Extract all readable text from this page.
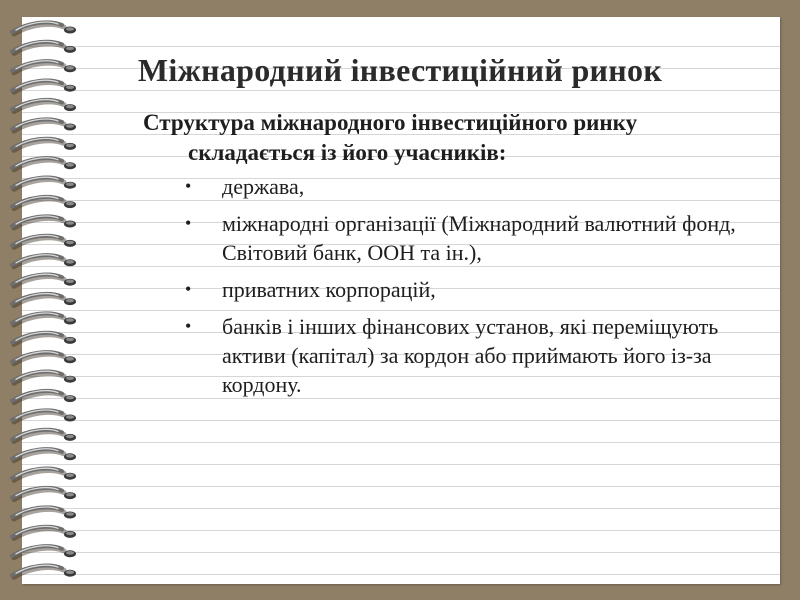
Міжнародний інвестиційний ринок

Структура міжнародного інвестиційного ринку
складається із його учасників:

• держава,
• міжнародні організації (Міжнародний валютний фонд, Світовий банк, ООН та ін.),
• приватних корпорацій,
• банків і інших фінансових установ, які переміщують активи (капітал) за кордон або приймають його із-за кордону.
